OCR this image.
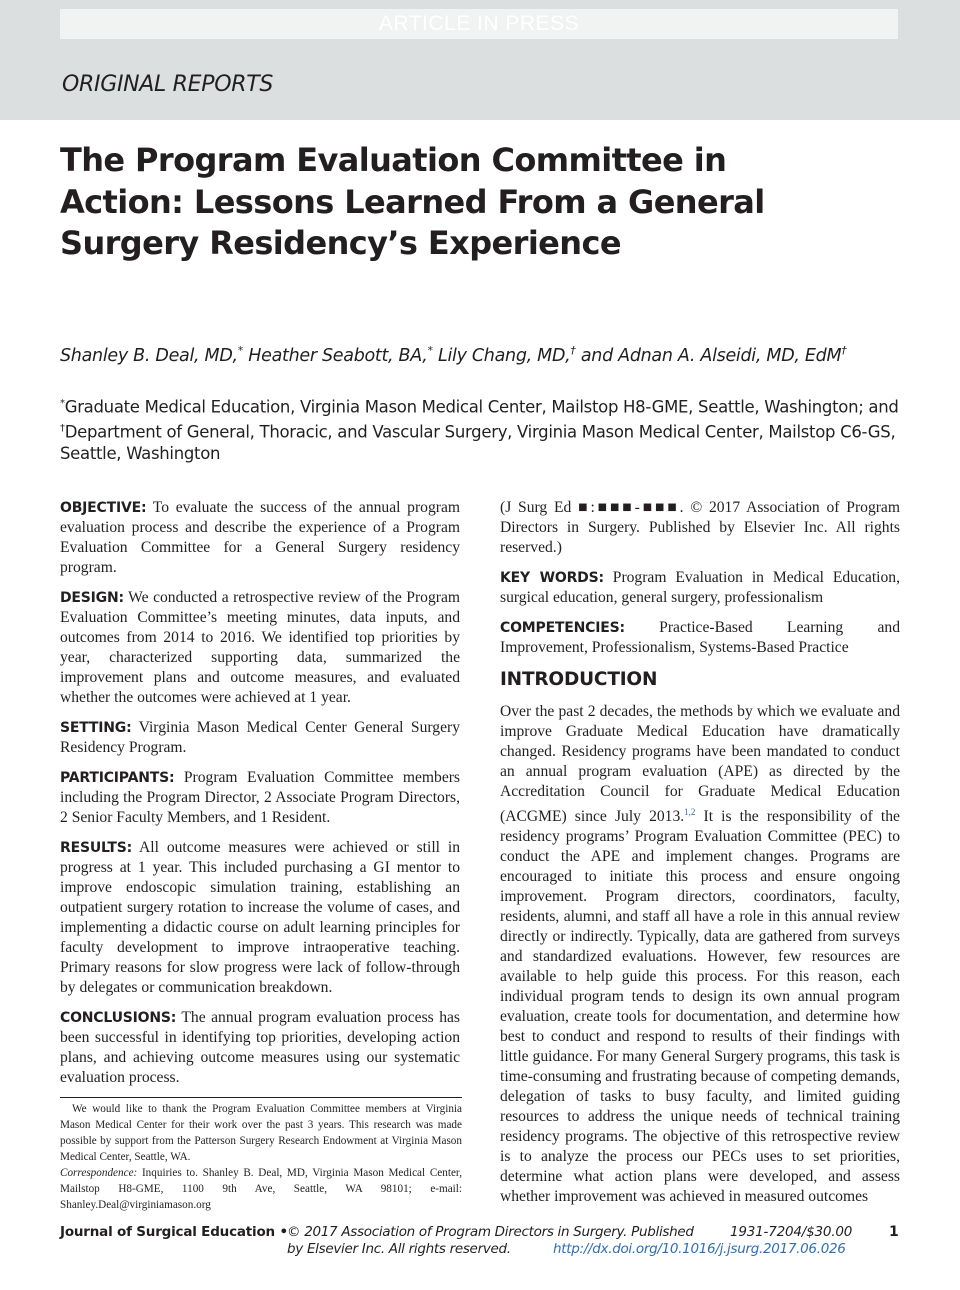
ARTICLE IN PRESS
ORIGINAL REPORTS
The Program Evaluation Committee in Action: Lessons Learned From a General Surgery Residency’s Experience
Shanley B. Deal, MD,* Heather Seabott, BA,* Lily Chang, MD,† and Adnan A. Alseidi, MD, EdM†
*Graduate Medical Education, Virginia Mason Medical Center, Mailstop H8-GME, Seattle, Washington; and †Department of General, Thoracic, and Vascular Surgery, Virginia Mason Medical Center, Mailstop C6-GS, Seattle, Washington

OBJECTIVE: To evaluate the success of the annual program evaluation process and describe the experience of a Program Evaluation Committee for a General Surgery residency program.

DESIGN: We conducted a retrospective review of the Program Evaluation Committee’s meeting minutes, data inputs, and outcomes from 2014 to 2016. We identified top priorities by year, characterized supporting data, summarized the improvement plans and outcome measures, and evaluated whether the outcomes were achieved at 1 year.

SETTING: Virginia Mason Medical Center General Surgery Residency Program.

PARTICIPANTS: Program Evaluation Committee members including the Program Director, 2 Associate Program Directors, 2 Senior Faculty Members, and 1 Resident.

RESULTS: All outcome measures were achieved or still in progress at 1 year. This included purchasing a GI mentor to improve endoscopic simulation training, establishing an outpatient surgery rotation to increase the volume of cases, and implementing a didactic course on adult learning principles for faculty development to improve intraoperative teaching. Primary reasons for slow progress were lack of follow-through by delegates or communication breakdown.

CONCLUSIONS: The annual program evaluation process has been successful in identifying top priorities, developing action plans, and achieving outcome measures using our systematic evaluation process.

(J Surg Ed ■:■■■-■■■. © 2017 Association of Program Directors in Surgery. Published by Elsevier Inc. All rights reserved.)

KEY WORDS: Program Evaluation in Medical Education, surgical education, general surgery, professionalism

COMPETENCIES: Practice-Based Learning and Improvement, Professionalism, Systems-Based Practice

INTRODUCTION

Over the past 2 decades, the methods by which we evaluate and improve Graduate Medical Education have dramatically changed. Residency programs have been mandated to conduct an annual program evaluation (APE) as directed by the Accreditation Council for Graduate Medical Education (ACGME) since July 2013.$^{1,2}$ It is the responsibility of the residency programs’ Program Evaluation Committee (PEC) to conduct the APE and implement changes. Programs are encouraged to initiate this process and ensure ongoing improvement. Program directors, coordinators, faculty, residents, alumni, and staff all have a role in this annual review directly or indirectly. Typically, data are gathered from surveys and standardized evaluations. However, few resources are available to help guide this process. For this reason, each individual program tends to design its own annual program evaluation, create tools for documentation, and determine how best to conduct and respond to results of their findings with little guidance. For many General Surgery programs, this task is time-consuming and frustrating because of competing demands, delegation of tasks to busy faculty, and limited guiding resources to address the unique needs of technical training residency programs. The objective of this retrospective review is to analyze the process our PECs uses to set priorities, determine what action plans were developed, and assess whether improvement was achieved in measured outcomes

We would like to thank the Program Evaluation Committee members at Virginia Mason Medical Center for their work over the past 3 years. This research was made possible by support from the Patterson Surgery Research Endowment at Virginia Mason Medical Center, Seattle, WA.

Correspondence: Inquiries to. Shanley B. Deal, MD, Virginia Mason Medical Center, Mailstop H8-GME, 1100 9th Ave, Seattle, WA 98101; e-mail: Shanley.Deal@virginiamason.org

Journal of Surgical Education • © 2017 Association of Program Directors in Surgery. Published by Elsevier Inc. All rights reserved.
1931-7204/$30.00
http://dx.doi.org/10.1016/j.jsurg.2017.06.026
1
